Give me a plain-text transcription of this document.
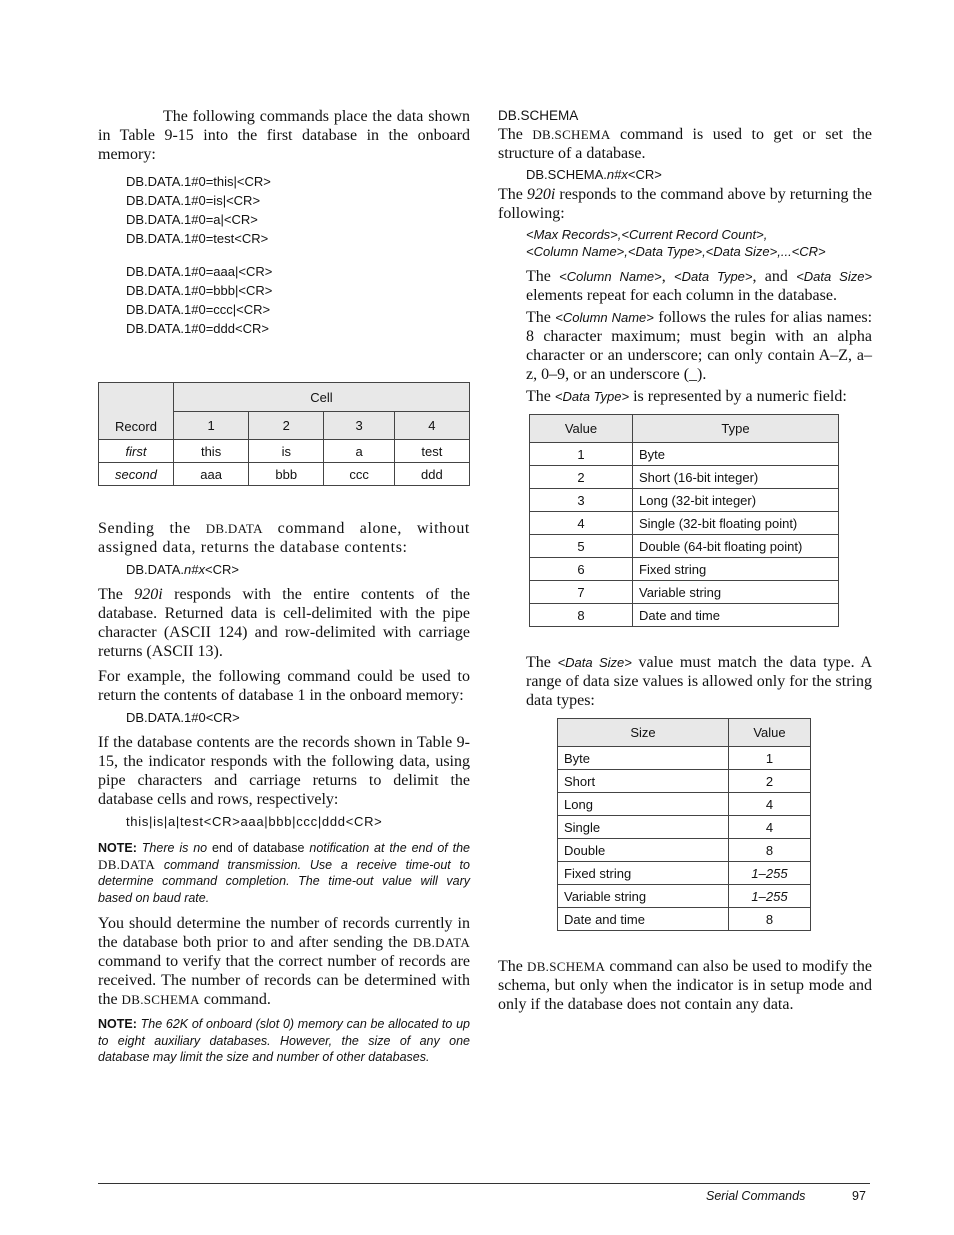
The following commands place the data shown in Table 9-15 into the first database in the onboard memory:

DB.DATA.1#0=this|<CR>
DB.DATA.1#0=is|<CR>
DB.DATA.1#0=a|<CR>
DB.DATA.1#0=test<CR>
DB.DATA.1#0=aaa|<CR>
DB.DATA.1#0=bbb|<CR>
DB.DATA.1#0=ccc|<CR>
DB.DATA.1#0=ddd<CR>
Record	Cell			
	1	2	3	4
first	this	is	a	test
second	aaa	bbb	ccc	ddd

Sending the DB.DATA command alone, without assigned data, returns the database contents:

DB.DATA.n#x<CR>

The 920i responds with the entire contents of the database. Returned data is cell-delimited with the pipe character (ASCII 124) and row-delimited with carriage returns (ASCII 13).

For example, the following command could be used to return the contents of database 1 in the onboard memory:

DB.DATA.1#0<CR>

If the database contents are the records shown in Table 9-15, the indicator responds with the following data, using pipe characters and carriage returns to delimit the database cells and rows, respectively:

this|is|a|test<CR>aaa|bbb|ccc|ddd<CR>

NOTE: There is no end of database notification at the end of the DB.DATA command transmission. Use a receive time-out to determine command completion. The time-out value will vary based on baud rate.

You should determine the number of records currently in the database both prior to and after sending the DB.DATA command to verify that the correct number of records are received. The number of records can be determined with the DB.SCHEMA command.

NOTE: The 62K of onboard (slot 0) memory can be allocated to up to eight auxiliary databases. However, the size of any one database may limit the size and number of other databases.

DB.SCHEMA

The DB.SCHEMA command is used to get or set the structure of a database.

DB.SCHEMA.n#x<CR>

The 920i responds to the command above by returning the following:

<Max Records>,<Current Record Count>,
<Column Name>,<Data Type>,<Data Size>,...<CR>

The <Column Name>, <Data Type>, and <Data Size> elements repeat for each column in the database.

The <Column Name> follows the rules for alias names: 8 character maximum; must begin with an alpha character or an underscore; can only contain A–Z, a–z, 0–9, or an underscore (_).

The <Data Type> is represented by a numeric field:

Value	Type
1	Byte
2	Short (16-bit integer)
3	Long (32-bit integer)
4	Single (32-bit floating point)
5	Double (64-bit floating point)
6	Fixed string
7	Variable string
8	Date and time

The <Data Size> value must match the data type. A range of data size values is allowed only for the string data types:

Size	Value
Byte	1
Short	2
Long	4
Single	4
Double	8
Fixed string	1–255
Variable string	1–255
Date and time	8

The DB.SCHEMA command can also be used to modify the schema, but only when the indicator is in setup mode and only if the database does not contain any data.

Serial Commands	97
